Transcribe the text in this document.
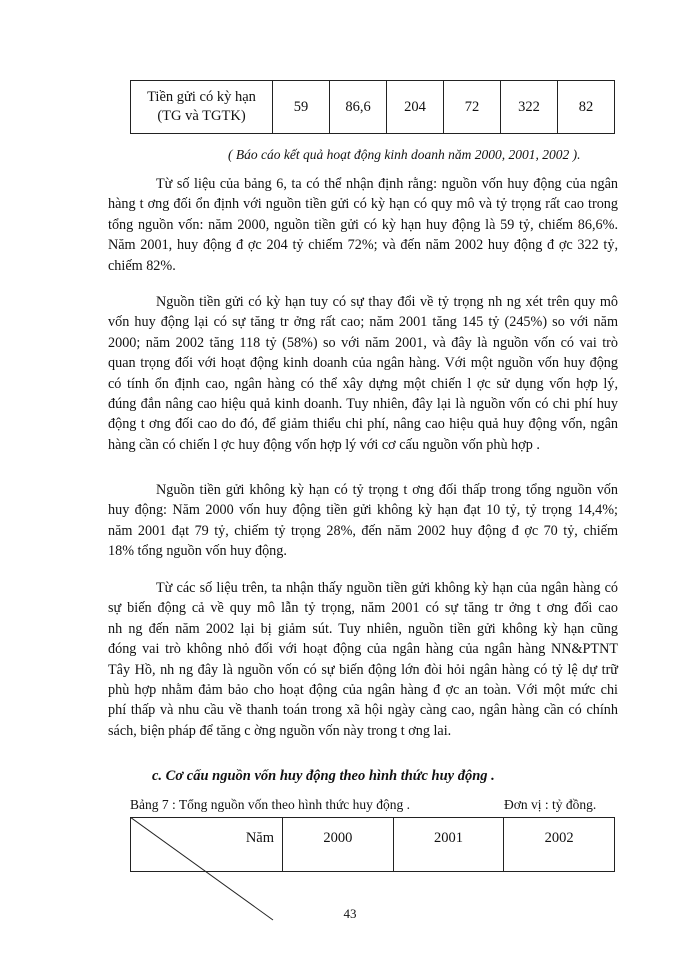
Tiền gửi có kỳ hạn
(TG và TGTK)	59	86,6	204	72	322	82
( Báo cáo kết quả hoạt động kinh doanh năm 2000, 2001, 2002 ).

Từ số liệu của bảng 6, ta có thể nhận định rằng: nguồn vốn huy động của ngân
hàng t ơng đối ổn định với nguồn tiền gửi có kỳ hạn có quy mô và tỷ trọng rất cao trong
tổng nguồn vốn: năm 2000, nguồn tiền gửi có kỳ hạn huy động là 59 tỷ, chiếm 86,6%.
Năm 2001, huy động đ ợc 204 tỷ chiếm 72%; và đến năm 2002 huy động đ ợc 322 tỷ,
chiếm 82%.

Nguồn tiền gửi có kỳ hạn tuy có sự thay đổi về tỷ trọng nh ng xét trên quy mô
vốn huy động lại có sự tăng tr ởng rất cao; năm 2001 tăng 145 tỷ (245%) so với năm
2000; năm 2002 tăng 118 tỷ (58%) so với năm 2001, và đây là nguồn vốn có vai trò
quan trọng đối với hoạt động kinh doanh của ngân hàng. Với một nguồn vốn huy động
có tính ổn định cao, ngân hàng có thể xây dựng một chiến l ợc sử dụng vốn hợp lý,
đúng đắn nâng cao hiệu quả kinh doanh. Tuy nhiên, đây lại là nguồn vốn có chi phí huy
động t ơng đối cao do đó, để giảm thiểu chi phí, nâng cao hiệu quả huy động vốn, ngân
hàng cần có chiến l ợc huy động vốn hợp lý với cơ cấu nguồn vốn phù hợp .

Nguồn tiền gửi không kỳ hạn có tỷ trọng t ơng đối thấp trong tổng nguồn vốn
huy động: Năm 2000 vốn huy động tiền gửi không kỳ hạn đạt 10 tỷ, tỷ trọng 14,4%;
năm 2001 đạt 79 tỷ, chiếm tỷ trọng 28%, đến năm 2002 huy động đ ợc 70 tỷ, chiếm
18% tổng nguồn vốn huy động.

Từ các số liệu trên, ta nhận thấy nguồn tiền gửi không kỳ hạn của ngân hàng có
sự biến động cả về quy mô lẫn tỷ trọng, năm 2001 có sự tăng tr ởng t ơng đối cao
nh ng đến năm 2002 lại bị giảm sút. Tuy nhiên, nguồn tiền gửi không kỳ hạn cũng
đóng vai trò không nhỏ đối với hoạt động của ngân hàng của ngân hàng NN&PTNT
Tây Hồ, nh ng đây là nguồn vốn có sự biến động lớn đòi hỏi ngân hàng có tỷ lệ dự trữ
phù hợp nhằm đảm bảo cho hoạt động của ngân hàng đ ợc an toàn. Với một mức chi
phí thấp và nhu cầu về thanh toán trong xã hội ngày càng cao, ngân hàng cần có chính
sách, biện pháp để tăng c ờng nguồn vốn này trong t ơng lai.

c. Cơ cấu nguồn vốn huy động theo hình thức huy động .
Bảng 7 : Tổng nguồn vốn theo hình thức huy động .	Đơn vị : tỷ đồng.
Năm	2000	2001	2002
43
